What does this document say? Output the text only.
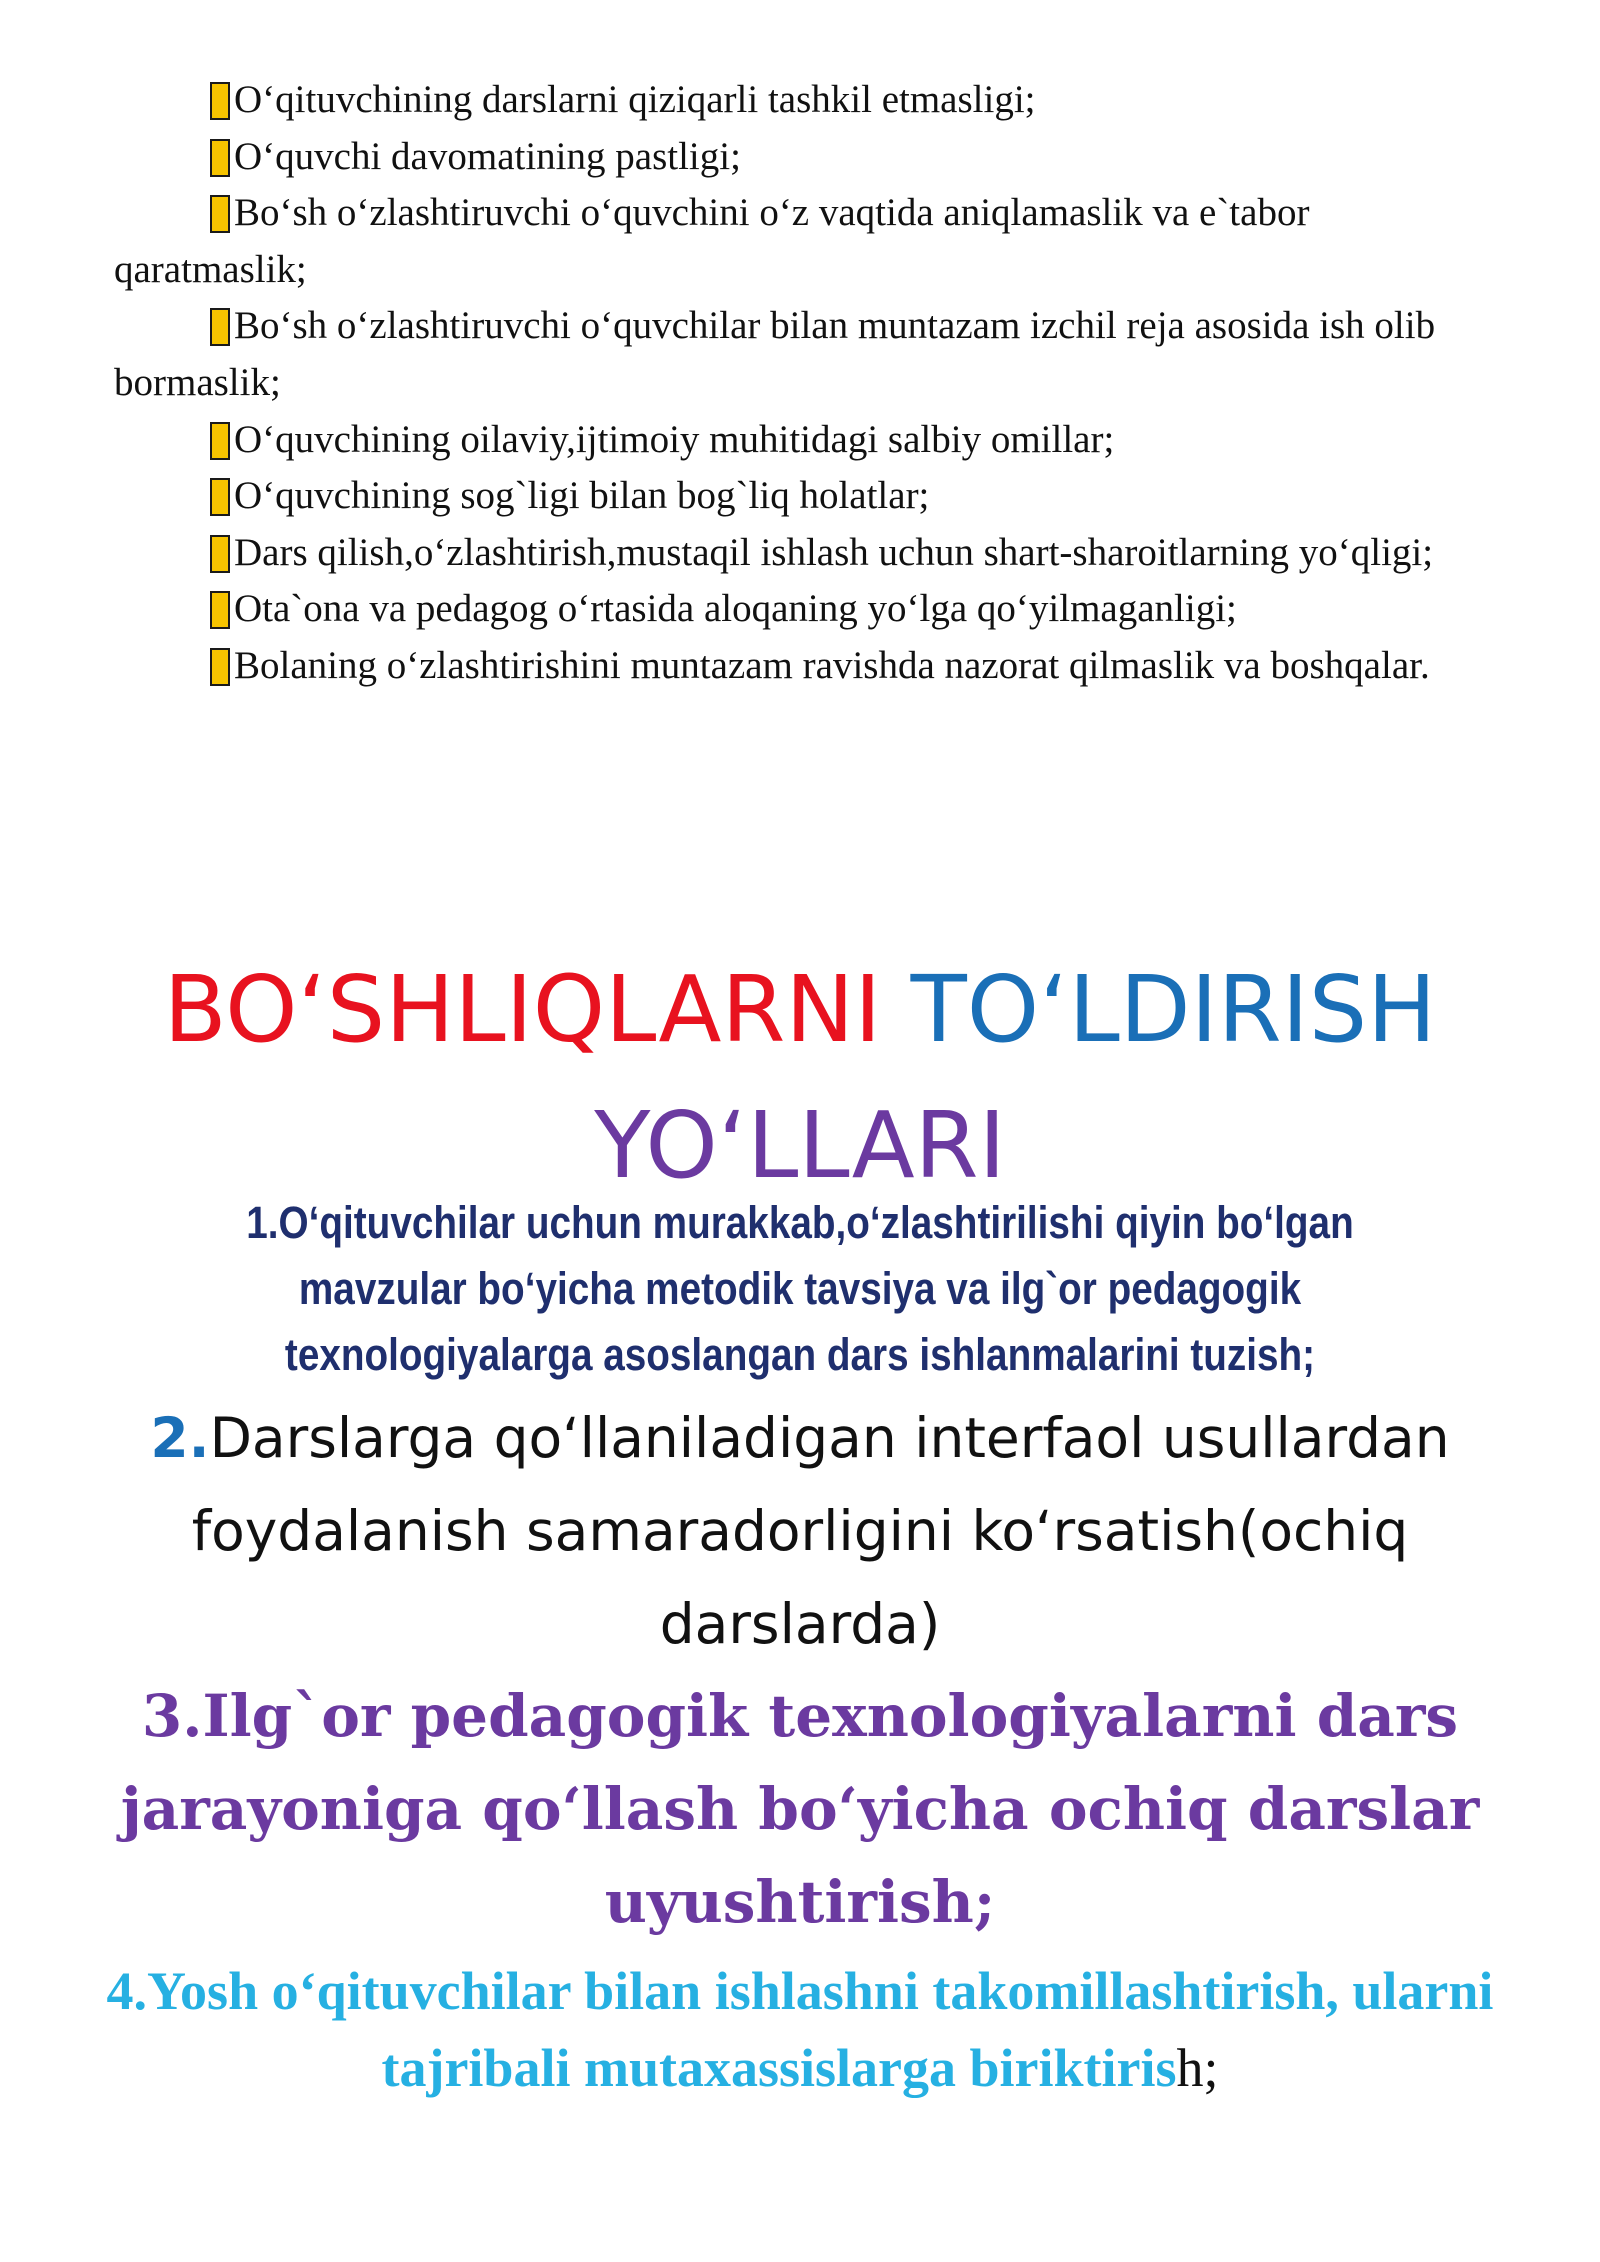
O‘qituvchining darslarni qiziqarli tashkil etmasligi;

O‘quvchi davomatining pastligi;

Bo‘sh o‘zlashtiruvchi o‘quvchini o‘z vaqtida aniqlamaslik va e`tabor qaratmaslik;

Bo‘sh o‘zlashtiruvchi o‘quvchilar bilan muntazam izchil reja asosida ish olib bormaslik;

O‘quvchining oilaviy,ijtimoiy muhitidagi salbiy omillar;

O‘quvchining sog`ligi bilan bog`liq holatlar;

Dars qilish,o‘zlashtirish,mustaqil ishlash uchun shart-sharoitlarning yo‘qligi;

Ota`ona va pedagog o‘rtasida aloqaning yo‘lga qo‘yilmaganligi;

Bolaning o‘zlashtirishini muntazam ravishda nazorat qilmaslik va boshqalar.

BO‘SHLIQLARNI TO‘LDIRISH
YO‘LLARI

1.O‘qituvchilar uchun murakkab,o‘zlashtirilishi qiyin bo‘lgan mavzular bo‘yicha metodik tavsiya va ilg`or pedagogik texnologiyalarga asoslangan dars ishlanmalarini tuzish;

2.Darslarga qo‘llaniladigan interfaol usullardan foydalanish samaradorligini ko‘rsatish(ochiq darslarda)

3.Ilg`or pedagogik texnologiyalarni dars jarayoniga qo‘llash bo‘yicha ochiq darslar uyushtirish;

4.Yosh o‘qituvchilar bilan ishlashni takomillashtirish, ularni tajribali mutaxassislarga biriktirish;
